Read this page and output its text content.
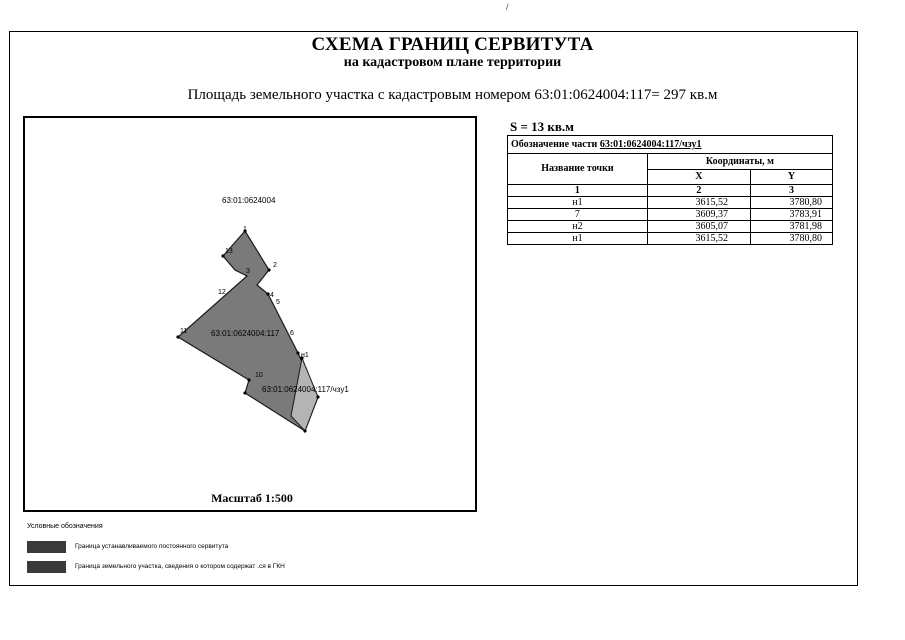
/
СХЕМА ГРАНИЦ СЕРВИТУТА
на кадастровом плане территории
Площадь земельного участка с кадастровым номером 63:01:0624004:117= 297 кв.м
63:01:0624004
1
2
3
4
5
6
н1
10
11
12
13
63:01:0624004:117
63:01:0624004:117/чзу1
Масштаб 1:500
S = 13 кв.м
Обозначение части 63:01:0624004:117/чзу1		
Название точки	Координаты, м	
	X	Y
1	2	3
н1	3615,52	3780,80
7	3609,37	3783,91
н2	3605,07	3781,98
н1	3615,52	3780,80
Условные обозначения
Граница устанавливаемого постоянного сервитута
Граница земельного участка, сведения о котором содержат .ся в ГКН
